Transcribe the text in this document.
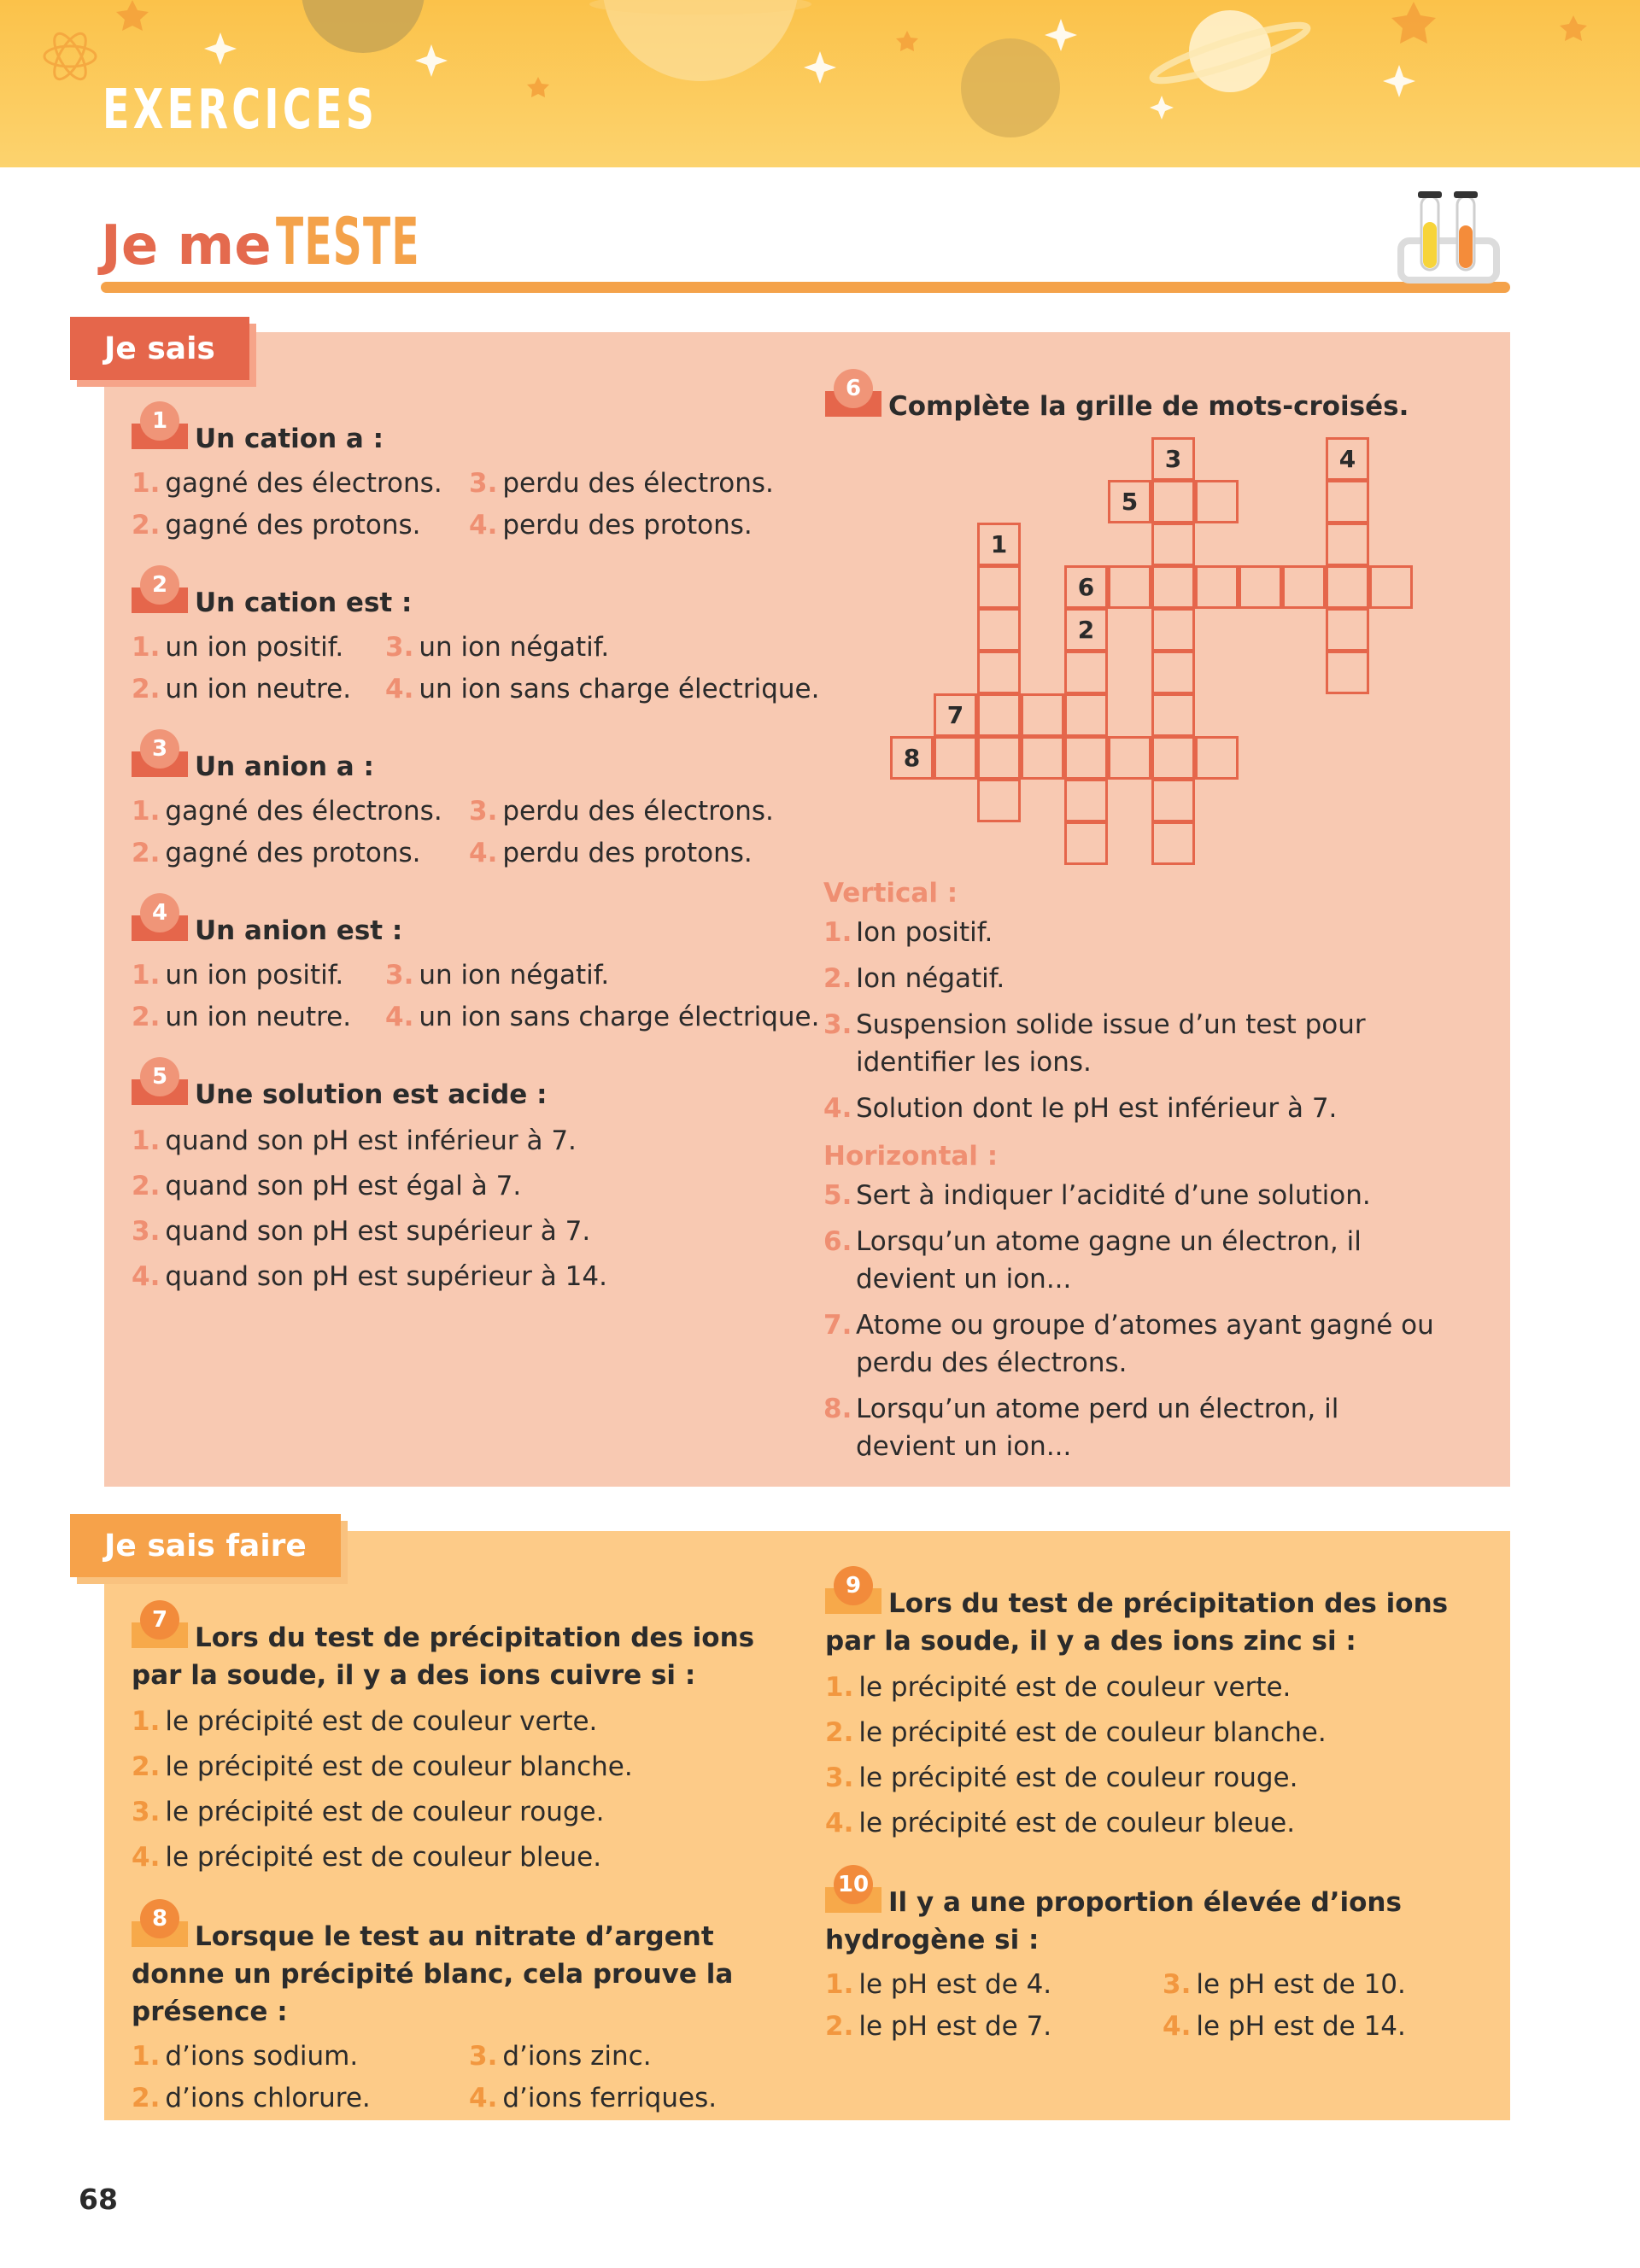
EXERCICES
Je me TESTE
Je sais
1
Un cation a :
1. gagné des électrons.	3. perdu des électrons.
2. gagné des protons.	4. perdu des protons.
2
Un cation est :
1. un ion positif.	3. un ion négatif.
2. un ion neutre.	4. un ion sans charge électrique.
3
Un anion a :
1. gagné des électrons.	3. perdu des électrons.
2. gagné des protons.	4. perdu des protons.
4
Un anion est :
1. un ion positif.	3. un ion négatif.
2. un ion neutre.	4. un ion sans charge électrique.
5
Une solution est acide :
1. quand son pH est inférieur à 7.
2. quand son pH est égal à 7.
3. quand son pH est supérieur à 7.
4. quand son pH est supérieur à 14.
6
Complète la grille de mots-croisés.
3	4
5
1
6
2
7
8
Vertical :
1. Ion positif.
2. Ion négatif.
3. Suspension solide issue d’un test pour identifier les ions.
4. Solution dont le pH est inférieur à 7.
Horizontal :
5. Sert à indiquer l’acidité d’une solution.
6. Lorsqu’un atome gagne un électron, il devient un ion...
7. Atome ou groupe d’atomes ayant gagné ou perdu des électrons.
8. Lorsqu’un atome perd un électron, il devient un ion...
Je sais faire
7
Lors du test de précipitation des ions par la soude, il y a des ions cuivre si :
1. le précipité est de couleur verte.
2. le précipité est de couleur blanche.
3. le précipité est de couleur rouge.
4. le précipité est de couleur bleue.
8
Lorsque le test au nitrate d’argent donne un précipité blanc, cela prouve la présence :
1. d’ions sodium.	3. d’ions zinc.
2. d’ions chlorure.	4. d’ions ferriques.
9
Lors du test de précipitation des ions par la soude, il y a des ions zinc si :
1. le précipité est de couleur verte.
2. le précipité est de couleur blanche.
3. le précipité est de couleur rouge.
4. le précipité est de couleur bleue.
10
Il y a une proportion élevée d’ions hydrogène si :
1. le pH est de 4.	3. le pH est de 10.
2. le pH est de 7.	4. le pH est de 14.
68
